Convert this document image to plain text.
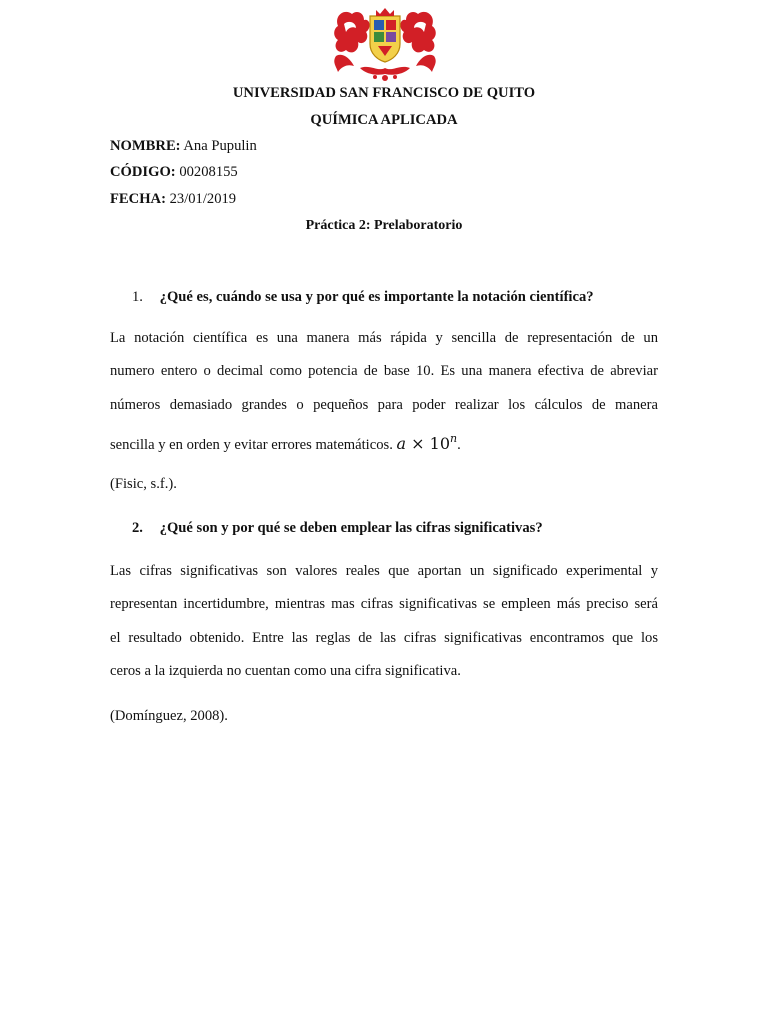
UNIVERSIDAD SAN FRANCISCO DE QUITO
QUÍMICA APLICADA
NOMBRE: Ana Pupulin
CÓDIGO: 00208155
FECHA: 23/01/2019
Práctica 2: Prelaboratorio
1. ¿Qué es, cuándo se usa y por qué es importante la notación científica?
La notación científica es una manera más rápida y sencilla de representación de un
numero entero o decimal como potencia de base 10. Es una manera efectiva de abreviar
números demasiado grandes o pequeños para poder realizar los cálculos de manera
sencilla y en orden y evitar errores matemáticos. $a \times 10^n$.
(Fisic, s.f.).
2. ¿Qué son y por qué se deben emplear las cifras significativas?
Las cifras significativas son valores reales que aportan un significado experimental y
representan incertidumbre, mientras mas cifras significativas se empleen más preciso será
el resultado obtenido. Entre las reglas de las cifras significativas encontramos que los
ceros a la izquierda no cuentan como una cifra significativa.
(Domínguez, 2008).
